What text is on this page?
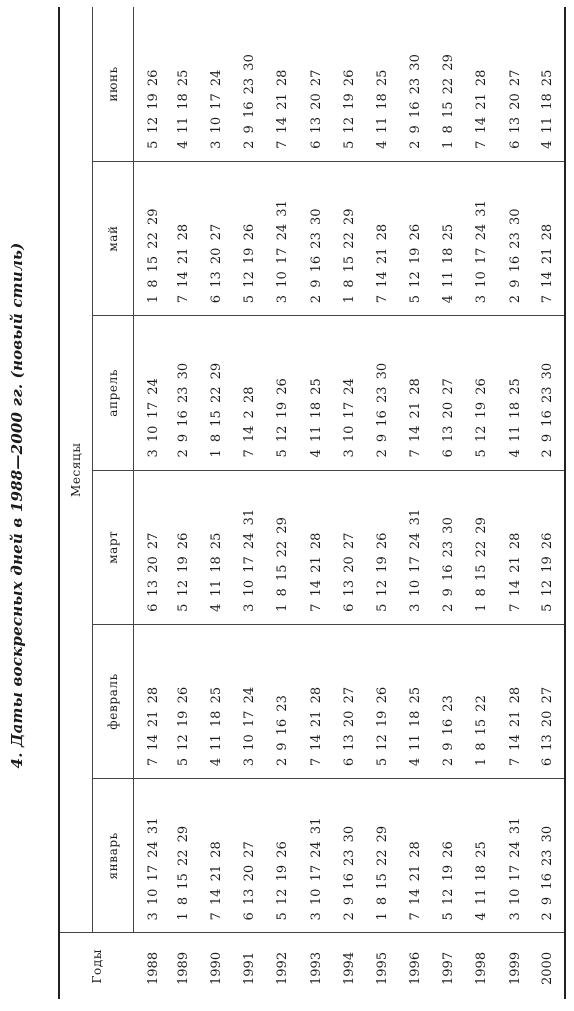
4. Даты воскресных дней в 1988—2000 гг. (новый стиль)
Годы	Месяцы					
	январь	февраль	март	апрель	май	июнь
1988	3 10 17 24 31	7 14 21 28	6 13 20 27	3 10 17 24	1 8 15 22 29	5 12 19 26
1989	1 8 15 22 29	5 12 19 26	5 12 19 26	2 9 16 23 30	7 14 21 28	4 11 18 25
1990	7 14 21 28	4 11 18 25	4 11 18 25	1 8 15 22 29	6 13 20 27	3 10 17 24
1991	6 13 20 27	3 10 17 24	3 10 17 24 31	7 14 2 28	5 12 19 26	2 9 16 23 30
1992	5 12 19 26	2 9 16 23	1 8 15 22 29	5 12 19 26	3 10 17 24 31	7 14 21 28
1993	3 10 17 24 31	7 14 21 28	7 14 21 28	4 11 18 25	2 9 16 23 30	6 13 20 27
1994	2 9 16 23 30	6 13 20 27	6 13 20 27	3 10 17 24	1 8 15 22 29	5 12 19 26
1995	1 8 15 22 29	5 12 19 26	5 12 19 26	2 9 16 23 30	7 14 21 28	4 11 18 25
1996	7 14 21 28	4 11 18 25	3 10 17 24 31	7 14 21 28	5 12 19 26	2 9 16 23 30
1997	5 12 19 26	2 9 16 23	2 9 16 23 30	6 13 20 27	4 11 18 25	1 8 15 22 29
1998	4 11 18 25	1 8 15 22	1 8 15 22 29	5 12 19 26	3 10 17 24 31	7 14 21 28
1999	3 10 17 24 31	7 14 21 28	7 14 21 28	4 11 18 25	2 9 16 23 30	6 13 20 27
2000	2 9 16 23 30	6 13 20 27	5 12 19 26	2 9 16 23 30	7 14 21 28	4 11 18 25
